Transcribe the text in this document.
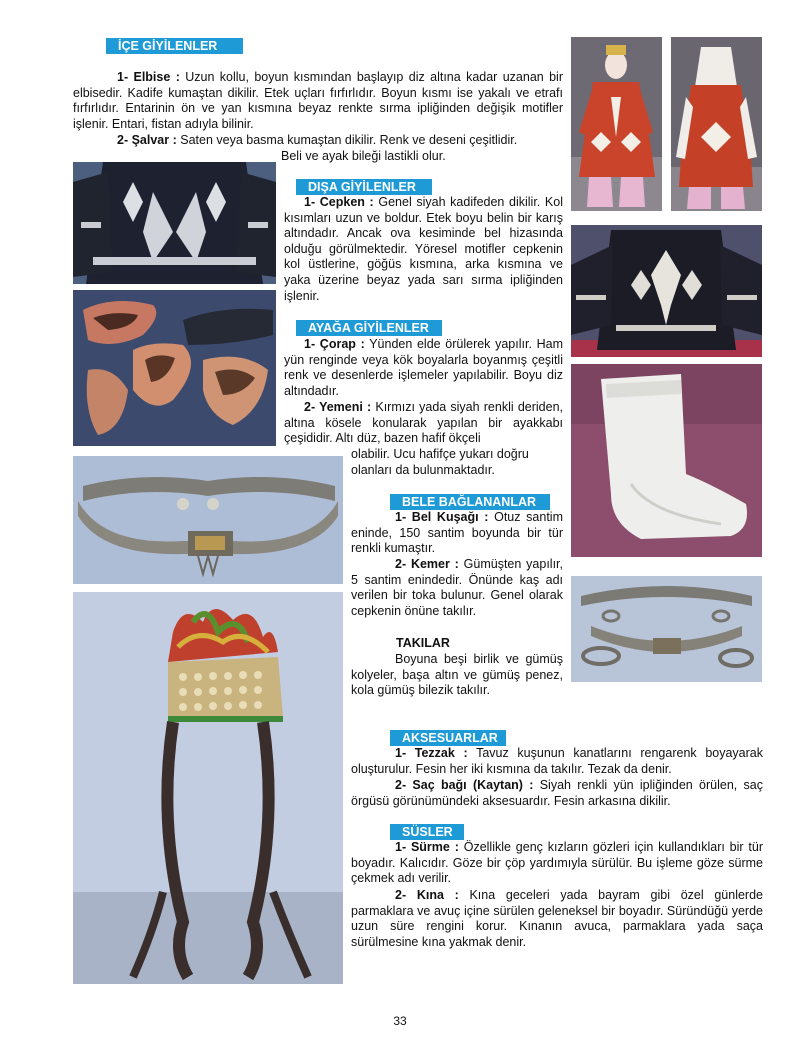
İÇE GİYİLENLER
1- Elbise : Uzun kollu, boyun kısmından başlayıp diz altına kadar uzanan bir elbisedir. Kadife kumaştan dikilir. Etek uçları fırfırlıdır. Boyun kısmı ise yakalı ve etrafı fırfırlıdır. Entarinin ön ve yan kısmına beyaz renkte sırma ipliğinden değişik motifler işlenir. Entari, fistan adıyla bilinir.
2- Şalvar : Saten veya basma kumaştan dikilir. Renk ve deseni çeşitlidir.
Beli ve ayak bileği lastikli olur.
DIŞA GİYİLENLER
1- Cepken : Genel siyah kadifeden dikilir. Kol kısımları uzun ve boldur. Etek boyu belin bir karış altındadır. Ancak ova kesiminde bel hizasında olduğu görülmektedir. Yöresel motifler cepkenin kol üstlerine, göğüs kısmına, arka kısmına ve yaka üzerine beyaz yada sarı sırma ipliğinden işlenir.
AYAĞA GİYİLENLER
1- Çorap : Yünden elde örülerek yapılır. Ham yün renginde veya kök boyalarla boyanmış çeşitli renk ve desenlerde işlemeler yapılabilir. Boyu diz altındadır.
2- Yemeni : Kırmızı yada siyah renkli deriden, altına kösele konularak yapılan bir ayakkabı çeşididir. Altı düz, bazen hafif ökçeli
olabilir. Ucu hafifçe yukarı doğru olanları da bulunmaktadır.
BELE BAĞLANANLAR
1- Bel Kuşağı : Otuz santim eninde, 150 santim boyunda bir tür renkli kumaştır.
2- Kemer : Gümüşten yapılır, 5 santim enindedir. Önünde kaş adı verilen bir toka bulunur. Genel olarak cepkenin önüne takılır.
TAKILAR
Boyuna beşi birlik ve gümüş kolyeler, başa altın ve gümüş penez, kola gümüş bilezik takılır.
AKSESUARLAR
1- Tezzak : Tavuz kuşunun kanatlarını rengarenk boyayarak oluşturulur. Fesin her iki kısmına da takılır. Tezak da denir.
2- Saç bağı (Kaytan) : Siyah renkli yün ipliğinden örülen, saç örgüsü görünümündeki aksesuardır. Fesin arkasına dikilir.
SÜSLER
1- Sürme : Özellikle genç kızların gözleri için kullandıkları bir tür boyadır. Kalıcıdır. Göze bir çöp yardımıyla sürülür. Bu işleme göze sürme çekmek adı verilir.
2- Kına : Kına geceleri yada bayram gibi özel günlerde parmaklara ve avuç içine sürülen geleneksel bir boyadır. Süründüğü yerde uzun süre rengini korur. Kınanın avuca, parmaklara yada saça sürülmesine kına yakmak denir.
33
